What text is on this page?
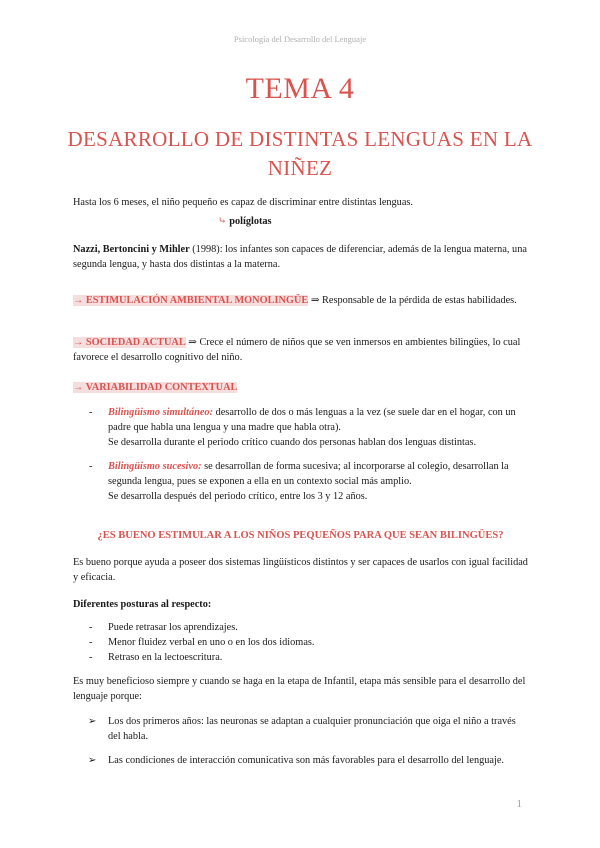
Psicología del Desarrollo del Lenguaje
TEMA 4
DESARROLLO DE DISTINTAS LENGUAS EN LA NIÑEZ

Hasta los 6 meses, el niño pequeño es capaz de discriminar entre distintas lenguas.

⤷ políglotas

Nazzi, Bertoncini y Mihler (1998): los infantes son capaces de diferenciar, además de la lengua materna, una segunda lengua, y hasta dos distintas a la materna.

→ ESTIMULACIÓN AMBIENTAL MONOLINGÜE ⇒ Responsable de la pérdida de estas habilidades.

→ SOCIEDAD ACTUAL ⇒ Crece el número de niños que se ven inmersos en ambientes bilingües, lo cual favorece el desarrollo cognitivo del niño.

→ VARIABILIDAD CONTEXTUAL

- Bilingüismo simultáneo: desarrollo de dos o más lenguas a la vez (se suele dar en el hogar, con un padre que habla una lengua y una madre que habla otra).
Se desarrolla durante el periodo crítico cuando dos personas hablan dos lenguas distintas.
- Bilingüismo sucesivo: se desarrollan de forma sucesiva; al incorporarse al colegio, desarrollan la segunda lengua, pues se exponen a ella en un contexto social más amplio.
Se desarrolla después del periodo crítico, entre los 3 y 12 años.
¿ES BUENO ESTIMULAR A LOS NIÑOS PEQUEÑOS PARA QUE SEAN BILINGÜES?

Es bueno porque ayuda a poseer dos sistemas lingüísticos distintos y ser capaces de usarlos con igual facilidad y eficacia.

Diferentes posturas al respecto:

- Puede retrasar los aprendizajes.
- Menor fluidez verbal en uno o en los dos idiomas.
- Retraso en la lectoescritura.

Es muy beneficioso siempre y cuando se haga en la etapa de Infantil, etapa más sensible para el desarrollo del lenguaje porque:

➢ Los dos primeros años: las neuronas se adaptan a cualquier pronunciación que oiga el niño a través del habla.
➢ Las condiciones de interacción comunicativa son más favorables para el desarrollo del lenguaje.
1
